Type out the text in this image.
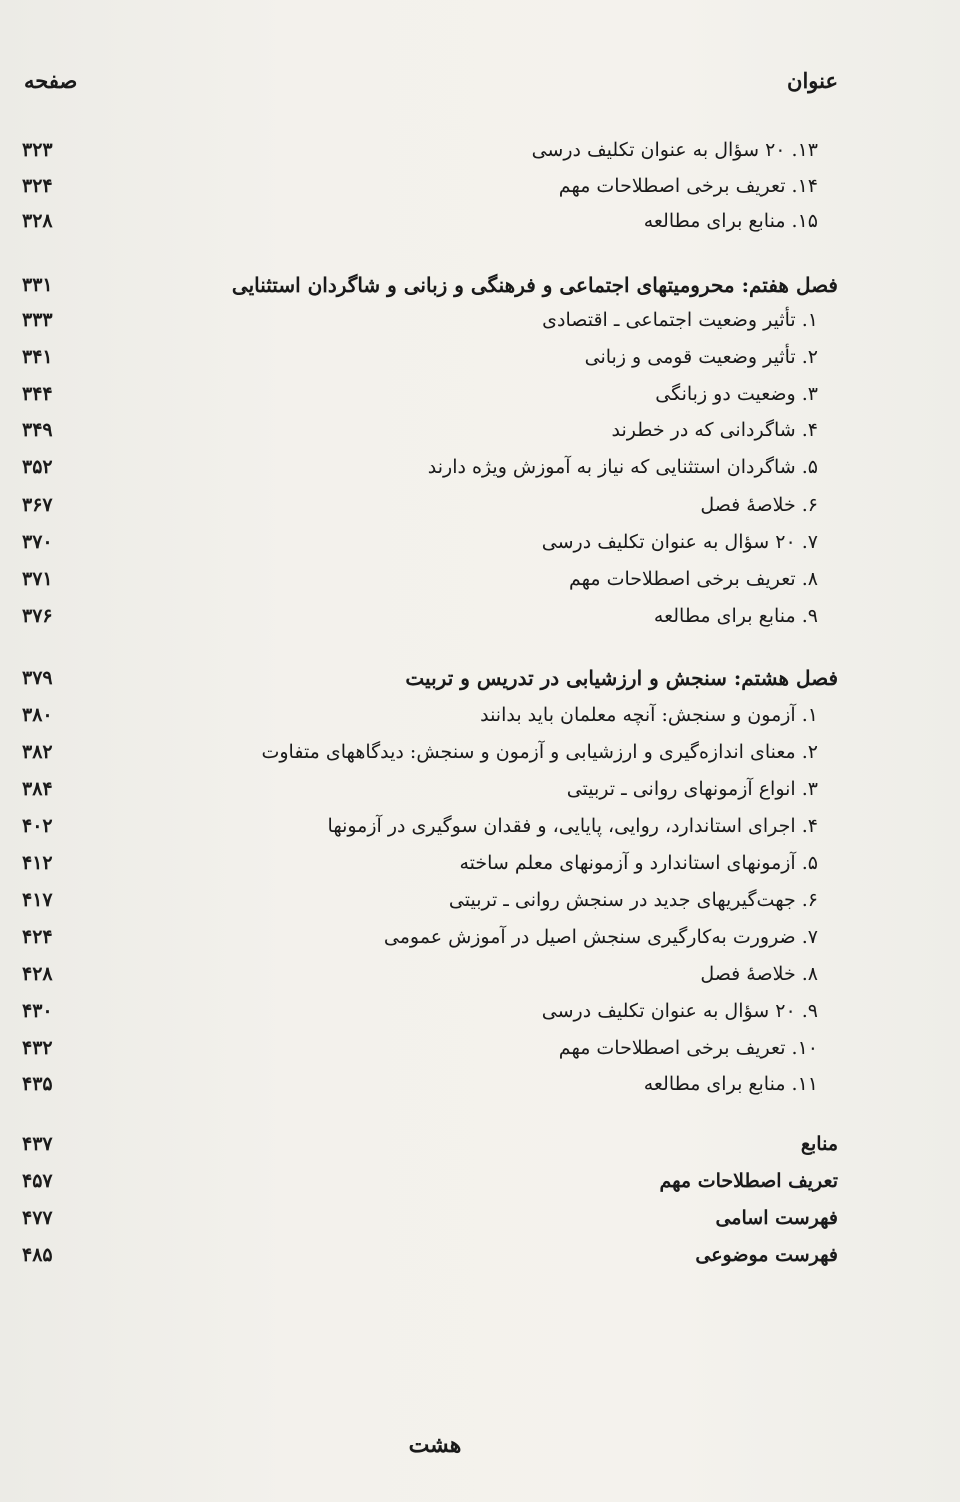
عنوان
صفحه
۱۳. ۲۰ سؤال به عنوان تکلیف درسی
۳۲۳
۱۴. تعریف برخی اصطلاحات مهم
۳۲۴
۱۵. منابع برای مطالعه
۳۲۸
فصل هفتم: محرومیتهای اجتماعی و فرهنگی و زبانی و شاگردان استثنایی
۳۳۱
۱. تأثیر وضعیت اجتماعی ـ اقتصادی
۳۳۳
۲. تأثیر وضعیت قومی و زبانی
۳۴۱
۳. وضعیت دو زبانگی
۳۴۴
۴. شاگردانی که در خطرند
۳۴۹
۵. شاگردان استثنایی که نیاز به آموزش ویژه دارند
۳۵۲
۶. خلاصهٔ فصل
۳۶۷
۷. ۲۰ سؤال به عنوان تکلیف درسی
۳۷۰
۸. تعریف برخی اصطلاحات مهم
۳۷۱
۹. منابع برای مطالعه
۳۷۶
فصل هشتم: سنجش و ارزشیابی در تدریس و تربیت
۳۷۹
۱. آزمون و سنجش: آنچه معلمان باید بدانند
۳۸۰
۲. معنای اندازه‌گیری و ارزشیابی و آزمون و سنجش: دیدگاههای متفاوت
۳۸۲
۳. انواع آزمونهای روانی ـ تربیتی
۳۸۴
۴. اجرای استاندارد، روایی، پایایی، و فقدان سوگیری در آزمونها
۴۰۲
۵. آزمونهای استاندارد و آزمونهای معلم ساخته
۴۱۲
۶. جهت‌گیریهای جدید در سنجش روانی ـ تربیتی
۴۱۷
۷. ضرورت به‌کارگیری سنجش اصیل در آموزش عمومی
۴۲۴
۸. خلاصهٔ فصل
۴۲۸
۹. ۲۰ سؤال به عنوان تکلیف درسی
۴۳۰
۱۰. تعریف برخی اصطلاحات مهم
۴۳۲
۱۱. منابع برای مطالعه
۴۳۵
منابع
۴۳۷
تعریف اصطلاحات مهم
۴۵۷
فهرست اسامی
۴۷۷
فهرست موضوعی
۴۸۵
هشت
